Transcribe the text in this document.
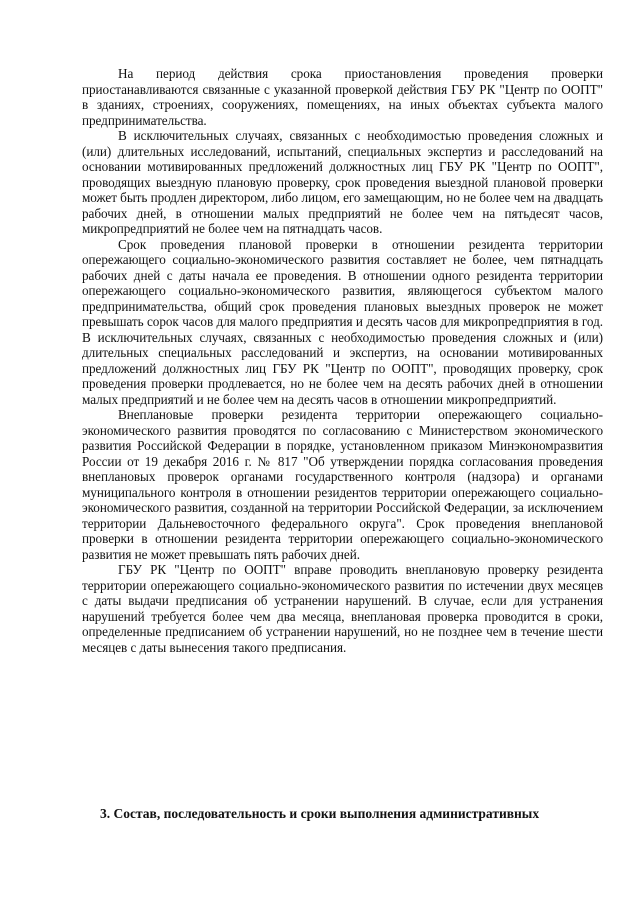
На период действия срока приостановления проведения проверки приостанавливаются связанные с указанной проверкой действия ГБУ РК "Центр по ООПТ" в зданиях, строениях, сооружениях, помещениях, на иных объектах субъекта малого предпринимательства.

В исключительных случаях, связанных с необходимостью проведения сложных и (или) длительных исследований, испытаний, специальных экспертиз и расследований на основании мотивированных предложений должностных лиц ГБУ РК "Центр по ООПТ", проводящих выездную плановую проверку, срок проведения выездной плановой проверки может быть продлен директором, либо лицом, его замещающим, но не более чем на двадцать рабочих дней, в отношении малых предприятий не более чем на пятьдесят часов, микропредприятий не более чем на пятнадцать часов.

Срок проведения плановой проверки в отношении резидента территории опережающего социально-экономического развития составляет не более, чем пятнадцать рабочих дней с даты начала ее проведения. В отношении одного резидента территории опережающего социально-экономического развития, являющегося субъектом малого предпринимательства, общий срок проведения плановых выездных проверок не может превышать сорок часов для малого предприятия и десять часов для микропредприятия в год. В исключительных случаях, связанных с необходимостью проведения сложных и (или) длительных специальных расследований и экспертиз, на основании мотивированных предложений должностных лиц ГБУ РК "Центр по ООПТ", проводящих проверку, срок проведения проверки продлевается, но не более чем на десять рабочих дней в отношении малых предприятий и не более чем на десять часов в отношении микропредприятий.

Внеплановые проверки резидента территории опережающего социально-экономического развития проводятся по согласованию с Министерством экономического развития Российской Федерации в порядке, установленном приказом Минэкономразвития России от 19 декабря 2016 г. № 817 "Об утверждении порядка согласования проведения внеплановых проверок органами государственного контроля (надзора) и органами муниципального контроля в отношении резидентов территории опережающего социально-экономического развития, созданной на территории Российской Федерации, за исключением территории Дальневосточного федерального округа". Срок проведения внеплановой проверки в отношении резидента территории опережающего социально-экономического развития не может превышать пять рабочих дней.

ГБУ РК "Центр по ООПТ" вправе проводить внеплановую проверку резидента территории опережающего социально-экономического развития по истечении двух месяцев с даты выдачи предписания об устранении нарушений. В случае, если для устранения нарушений требуется более чем два месяца, внеплановая проверка проводится в сроки, определенные предписанием об устранении нарушений, но не позднее чем в течение шести месяцев с даты вынесения такого предписания.

3. Состав, последовательность и сроки выполнения административных
